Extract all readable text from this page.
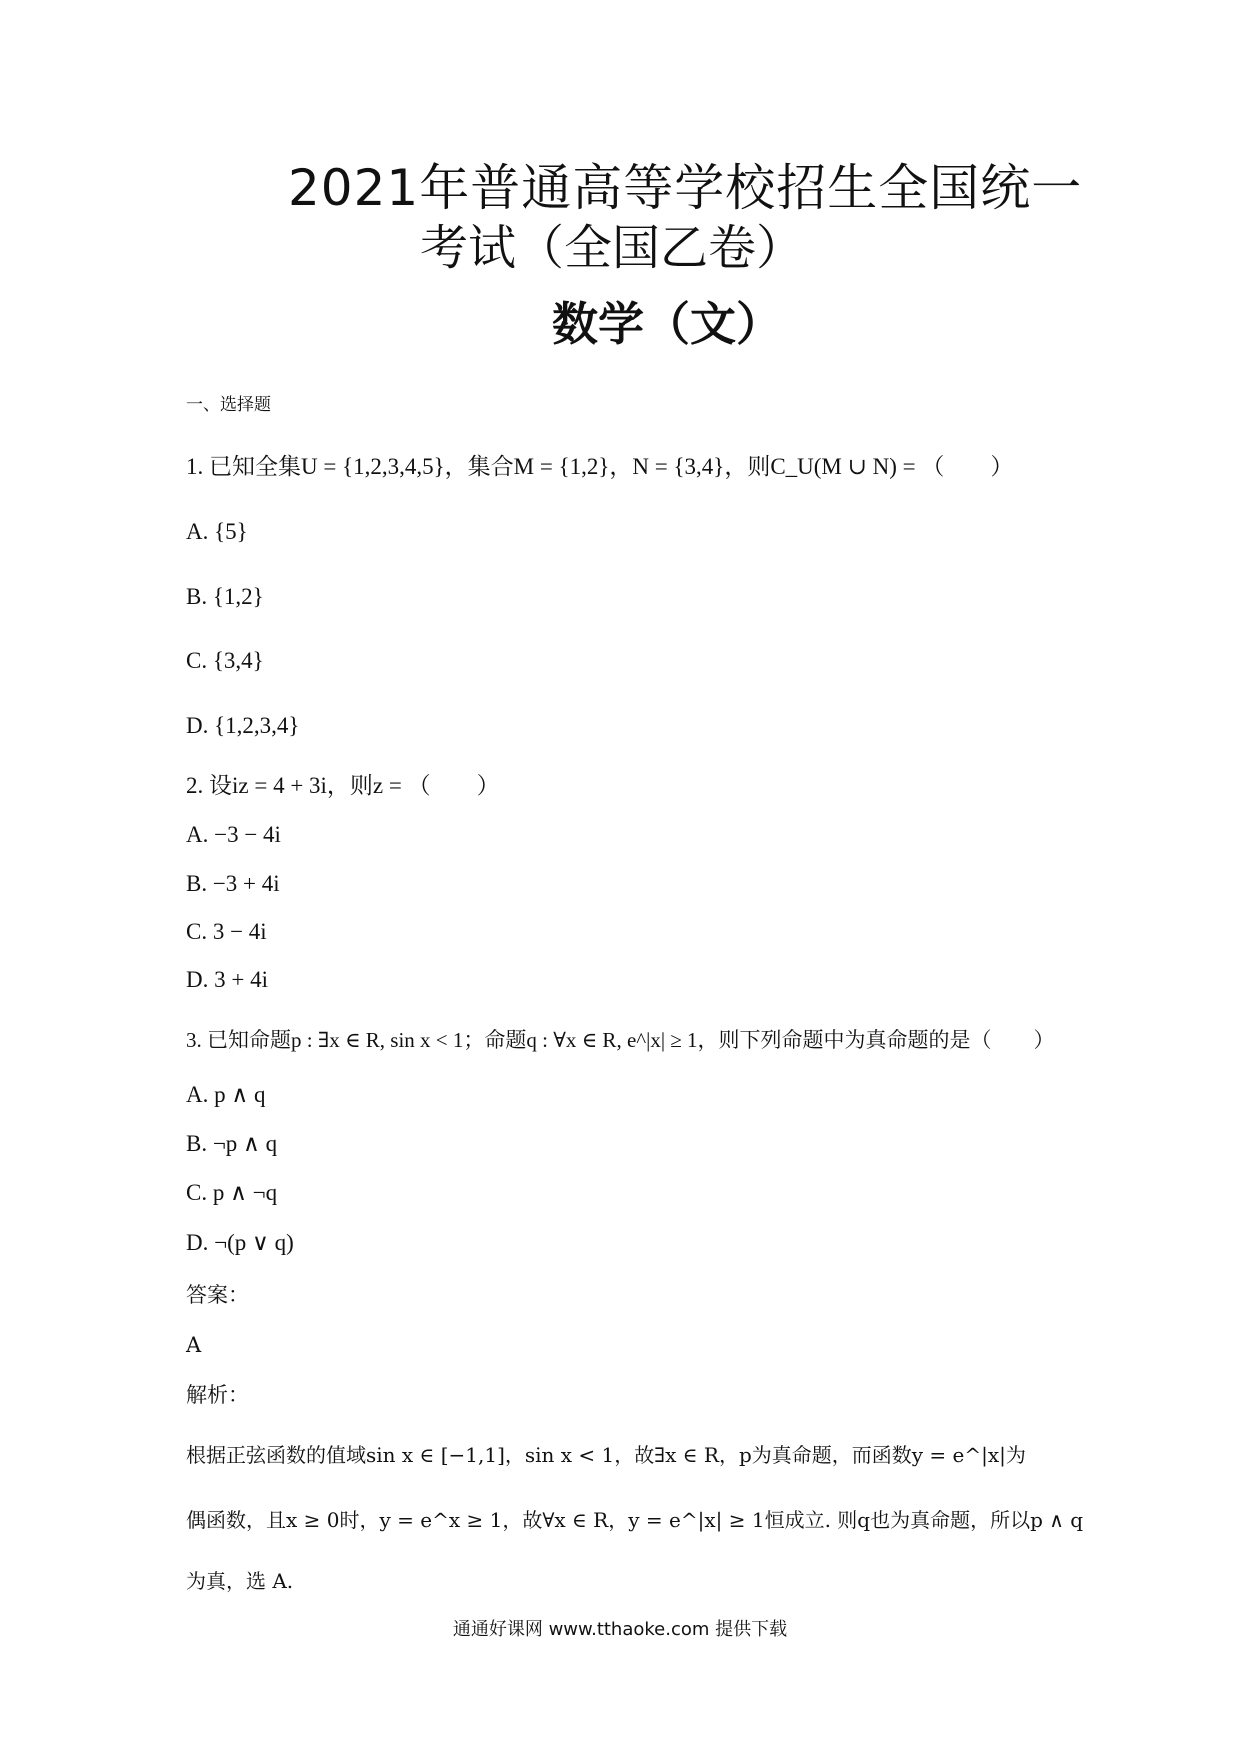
2021年普通高等学校招生全国统一
考试（全国乙卷）
数学（文）
一、选择题
1. 已知全集U = {1,2,3,4,5}，集合M = {1,2}，N = {3,4}，则C_U(M ∪ N) = （　　）
A. {5}
B. {1,2}
C. {3,4}
D. {1,2,3,4}
2. 设iz = 4 + 3i，则z = （　　）
A. −3 − 4i
B. −3 + 4i
C. 3 − 4i
D. 3 + 4i
3. 已知命题p : ∃x ∈ R, sin x < 1；命题q : ∀x ∈ R, e^|x| ≥ 1，则下列命题中为真命题的是（　　）
A. p ∧ q
B. ¬p ∧ q
C. p ∧ ¬q
D. ¬(p ∨ q)
答案：
A
解析：
根据正弦函数的值域sin x ∈ [−1,1]，sin x < 1，故∃x ∈ R，p为真命题，而函数y = e^|x|为
偶函数，且x ≥ 0时，y = e^x ≥ 1，故∀x ∈ R，y = e^|x| ≥ 1恒成立. 则q也为真命题，所以p ∧ q
为真，选 A.
通通好课网 www.tthaoke.com 提供下载
